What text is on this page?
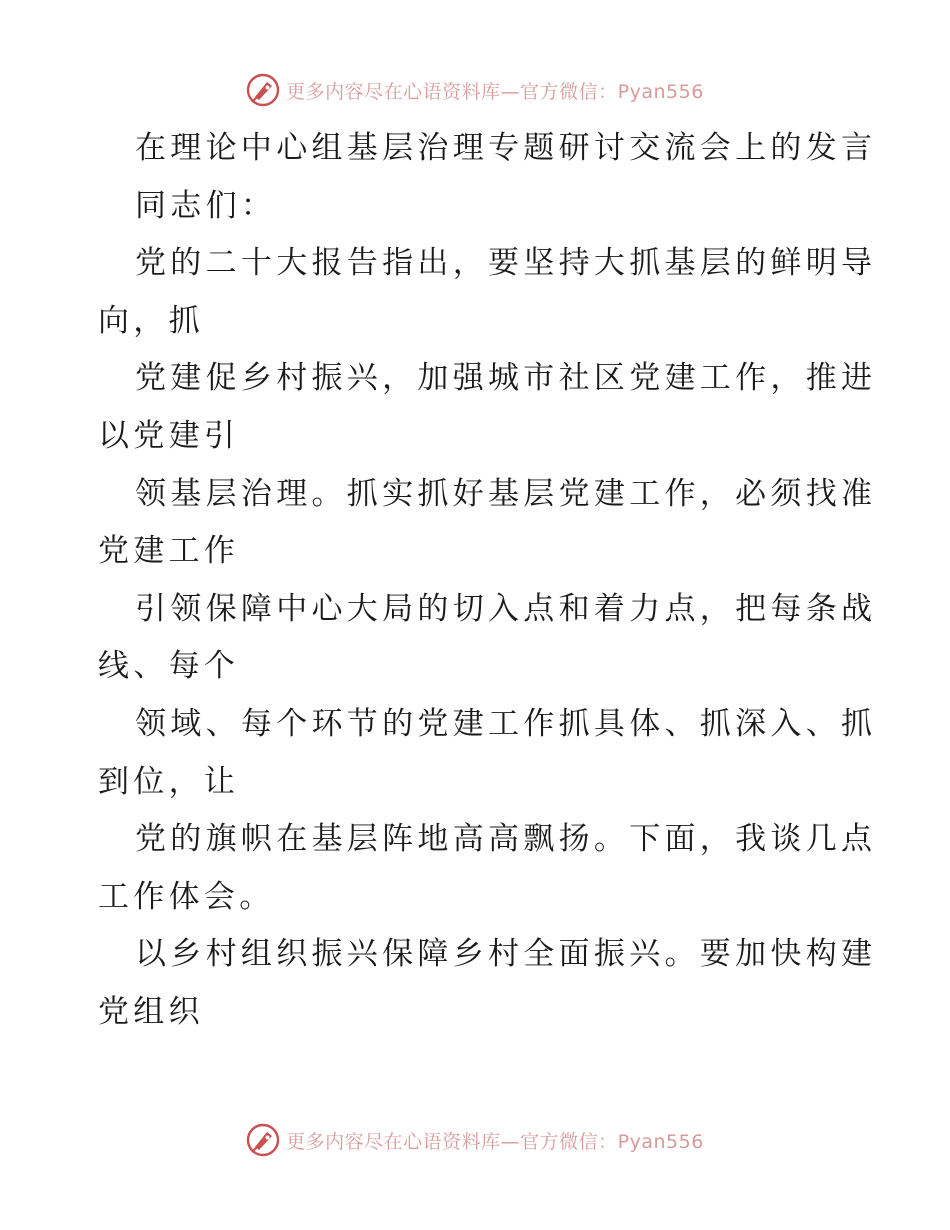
更多内容尽在心语资料库—官方微信：Pyan556
在理论中心组基层治理专题研讨交流会上的发言
同志们：
党的二十大报告指出，要坚持大抓基层的鲜明导
向，抓
党建促乡村振兴，加强城市社区党建工作，推进
以党建引
领基层治理。抓实抓好基层党建工作，必须找准
党建工作
引领保障中心大局的切入点和着力点，把每条战
线、每个
领域、每个环节的党建工作抓具体、抓深入、抓
到位，让
党的旗帜在基层阵地高高飘扬。下面，我谈几点
工作体会。
以乡村组织振兴保障乡村全面振兴。要加快构建
党组织
更多内容尽在心语资料库—官方微信：Pyan556
